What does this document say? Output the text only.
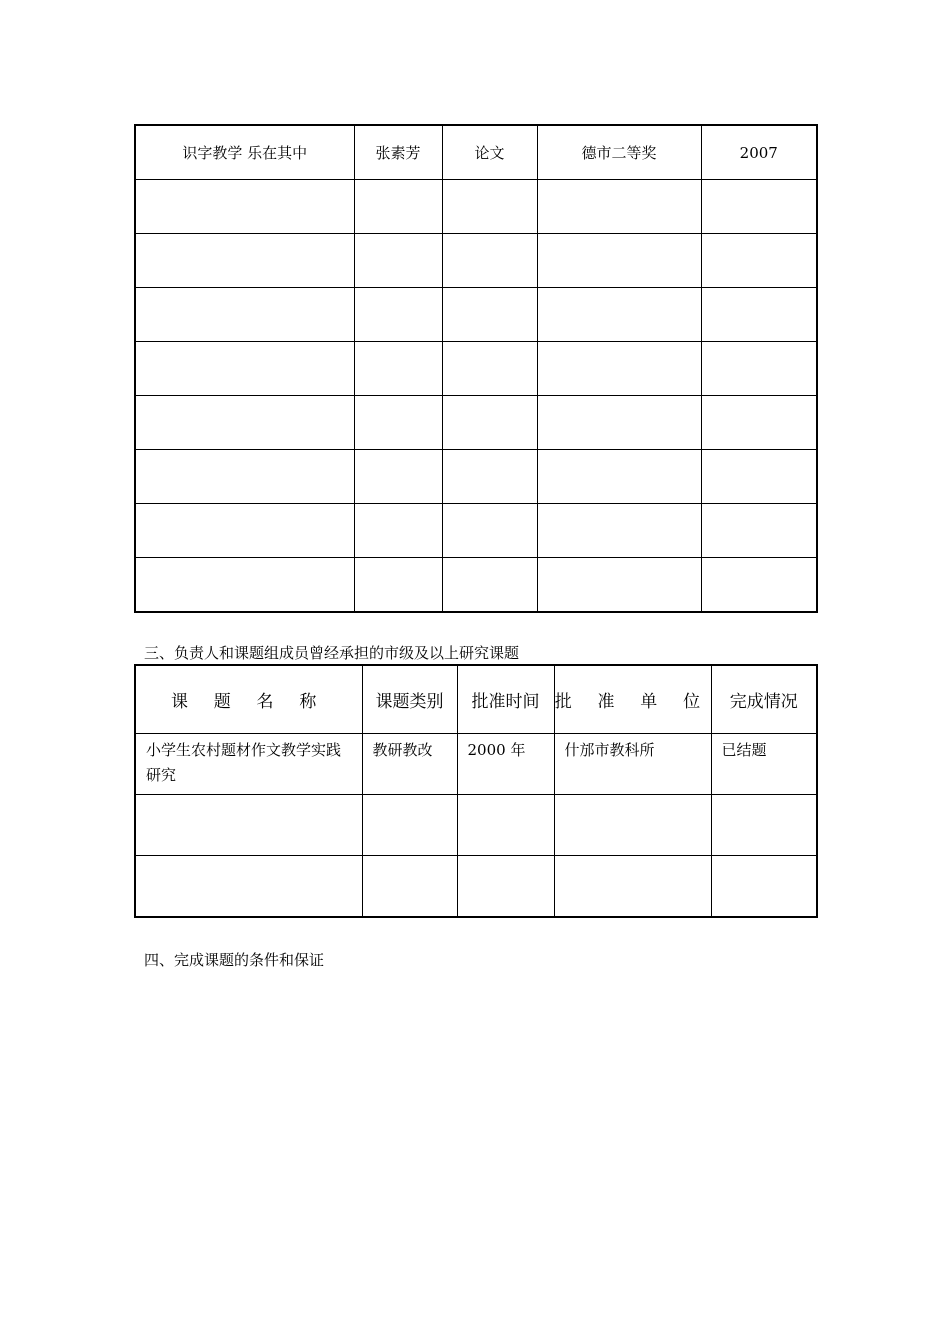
识字教学 乐在其中	张素芳	论文	德市二等奖	2007

三、负责人和课题组成员曾经承担的市级及以上研究课题
课 题 名 称	课题类别	批准时间	批 准 单 位	完成情况
小学生农村题材作文教学实践研究	教研教改	2000 年	什邡市教科所	已结题

四、完成课题的条件和保证
